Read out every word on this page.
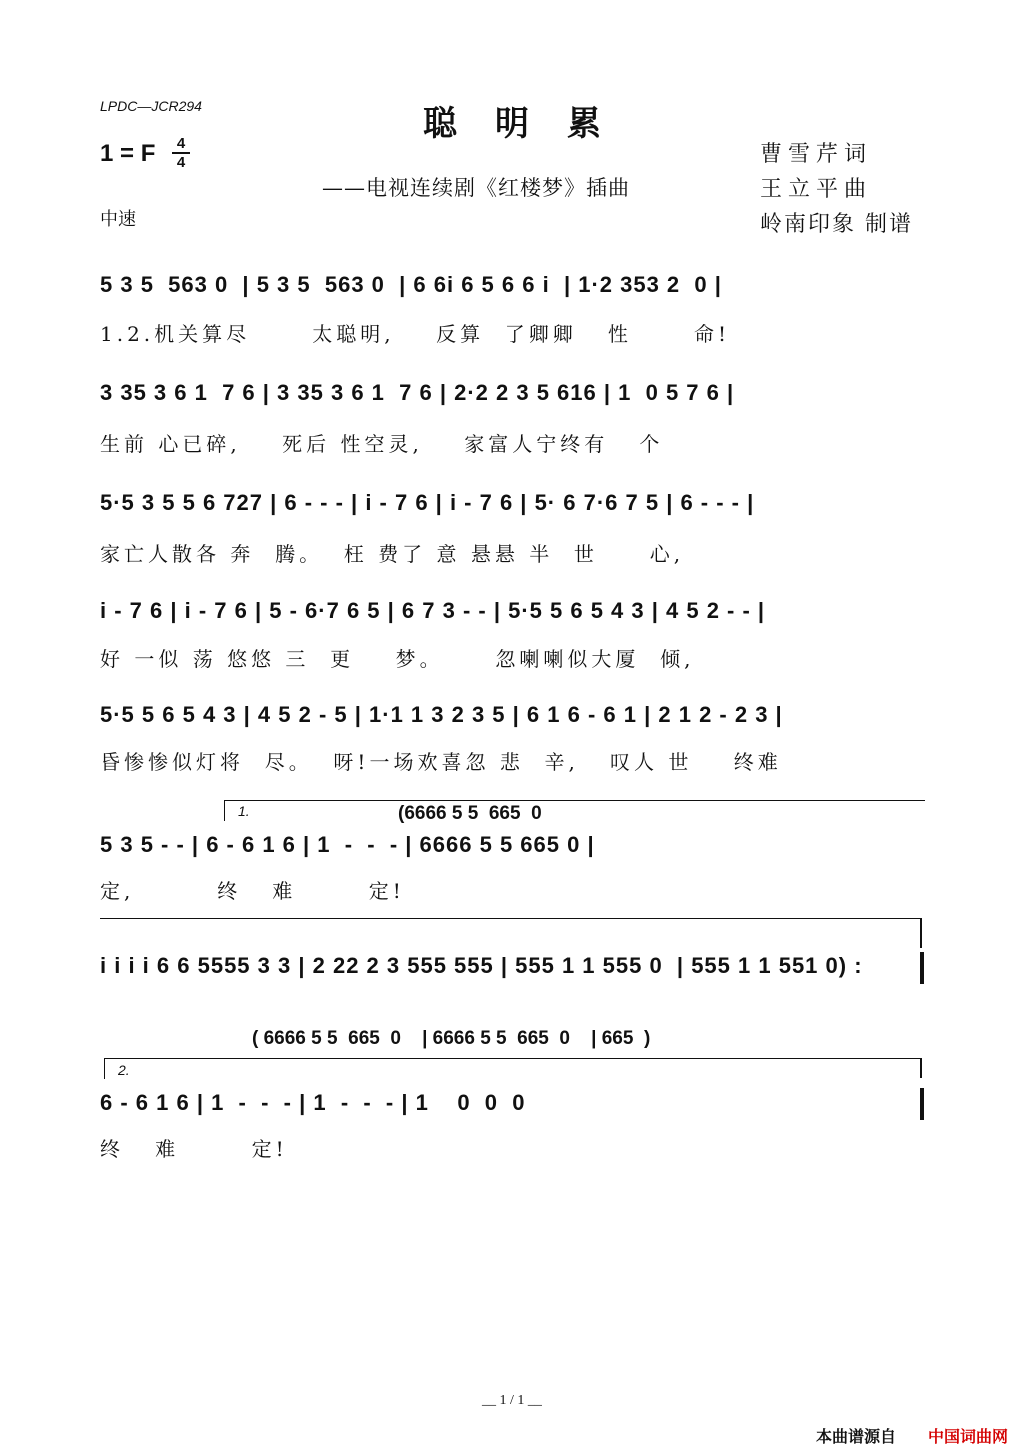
LPDC—JCR294	聪明累
1 = F	4
4
——电视连续剧《红楼梦》插曲
中速
曹雪芹词
王立平曲
岭南印象 制谱
5 3 5  563 0  | 5 3 5  563 0  | 6 6i 6 5 6 6 i  | 1·2 353 2  0 |
1.2.机关算尽      太聪明,    反算  了卿卿   性      命!
3 35 3 6 1  7 6 | 3 35 3 6 1  7 6 | 2·2 2 3 5 616 | 1  0 5 7 6 |
生前 心已碎,    死后 性空灵,    家富人宁终有   个
5·5 3 5 5 6 727 | 6 - - - | i - 7 6 | i - 7 6 | 5· 6 7·6 7 5 | 6 - - - |
家亡人散各 奔  腾。  枉 费了 意 悬悬 半  世     心,
i - 7 6 | i - 7 6 | 5 - 6·7 6 5 | 6 7 3 - - | 5·5 5 6 5 4 3 | 4 5 2 - - |
好 一似 荡 悠悠 三  更    梦。     忽喇喇似大厦  倾,
5·5 5 6 5 4 3 | 4 5 2 - 5 | 1·1 1 3 2 3 5 | 6 1 6 - 6 1 | 2 1 2 - 2 3 |
昏惨惨似灯将  尽。  呀!一场欢喜忽 悲  辛,   叹人 世    终难
1.	(6666 5 5  665  0
5 3 5 - - | 6 - 6 1 6 | 1  -  -  - | 6666 5 5 665 0 |
定,        终   难       定!
i i i i 6 6 5555 3 3 | 2 22 2 3 555 555 | 555 1 1 555 0  | 555 1 1 551 0) :
( 6666 5 5  665  0    | 6666 5 5  665  0    | 665  )
2.
6 - 6 1 6 | 1  -  -  - | 1  -  -  - | 1    0  0  0
终   难       定!
__ 1 / 1 __
本曲谱源自 中国词曲网
